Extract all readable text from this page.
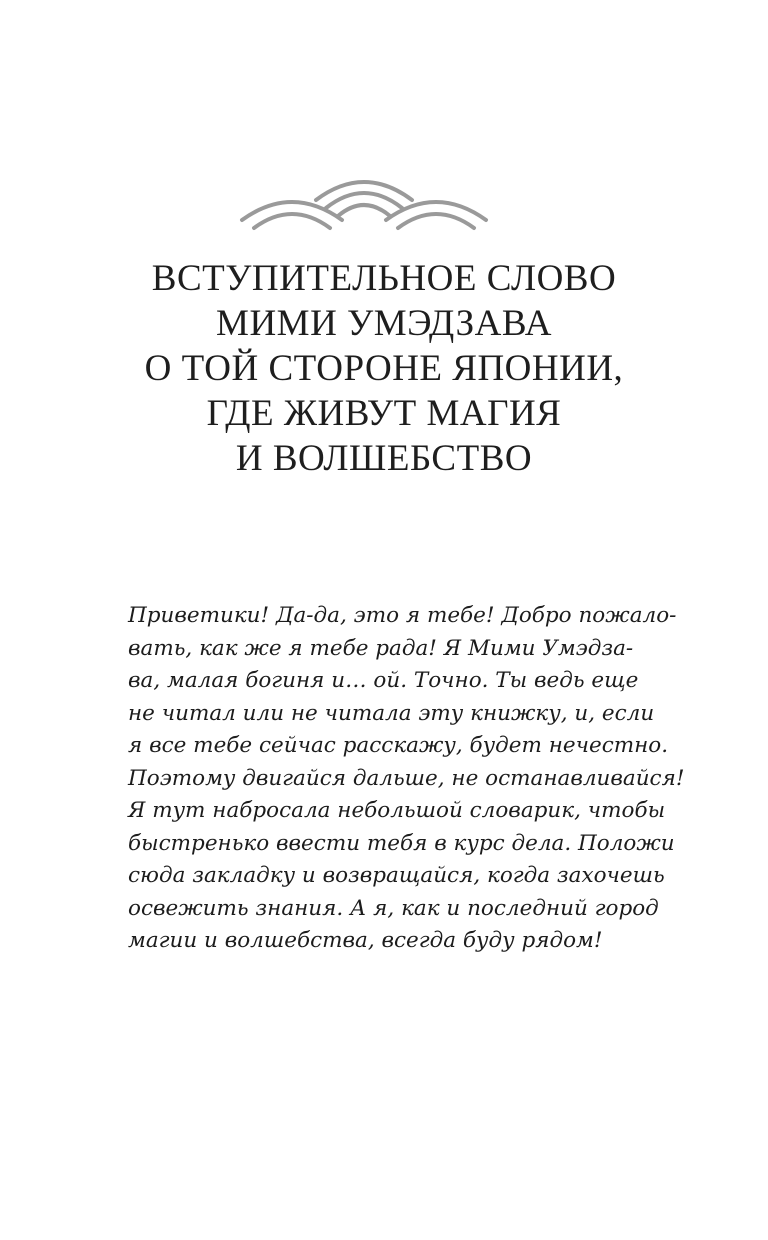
ВСТУПИТЕЛЬНОЕ СЛОВО
МИМИ УМЭДЗАВА
О ТОЙ СТОРОНЕ ЯПОНИИ,
ГДЕ ЖИВУТ МАГИЯ
И ВОЛШЕБСТВО
Приветики! Да-да, это я тебе! Добро пожало-
вать, как же я тебе рада! Я Мими Умэдза-
ва, малая богиня и… ой. Точно. Ты ведь еще
не читал или не читала эту книжку, и, если
я все тебе сейчас расскажу, будет нечестно.
Поэтому двигайся дальше, не останавливайся!
Я тут набросала небольшой словарик, чтобы
быстренько ввести тебя в курс дела. Положи
сюда закладку и возвращайся, когда захочешь
освежить знания. А я, как и последний город
магии и волшебства, всегда буду рядом!
